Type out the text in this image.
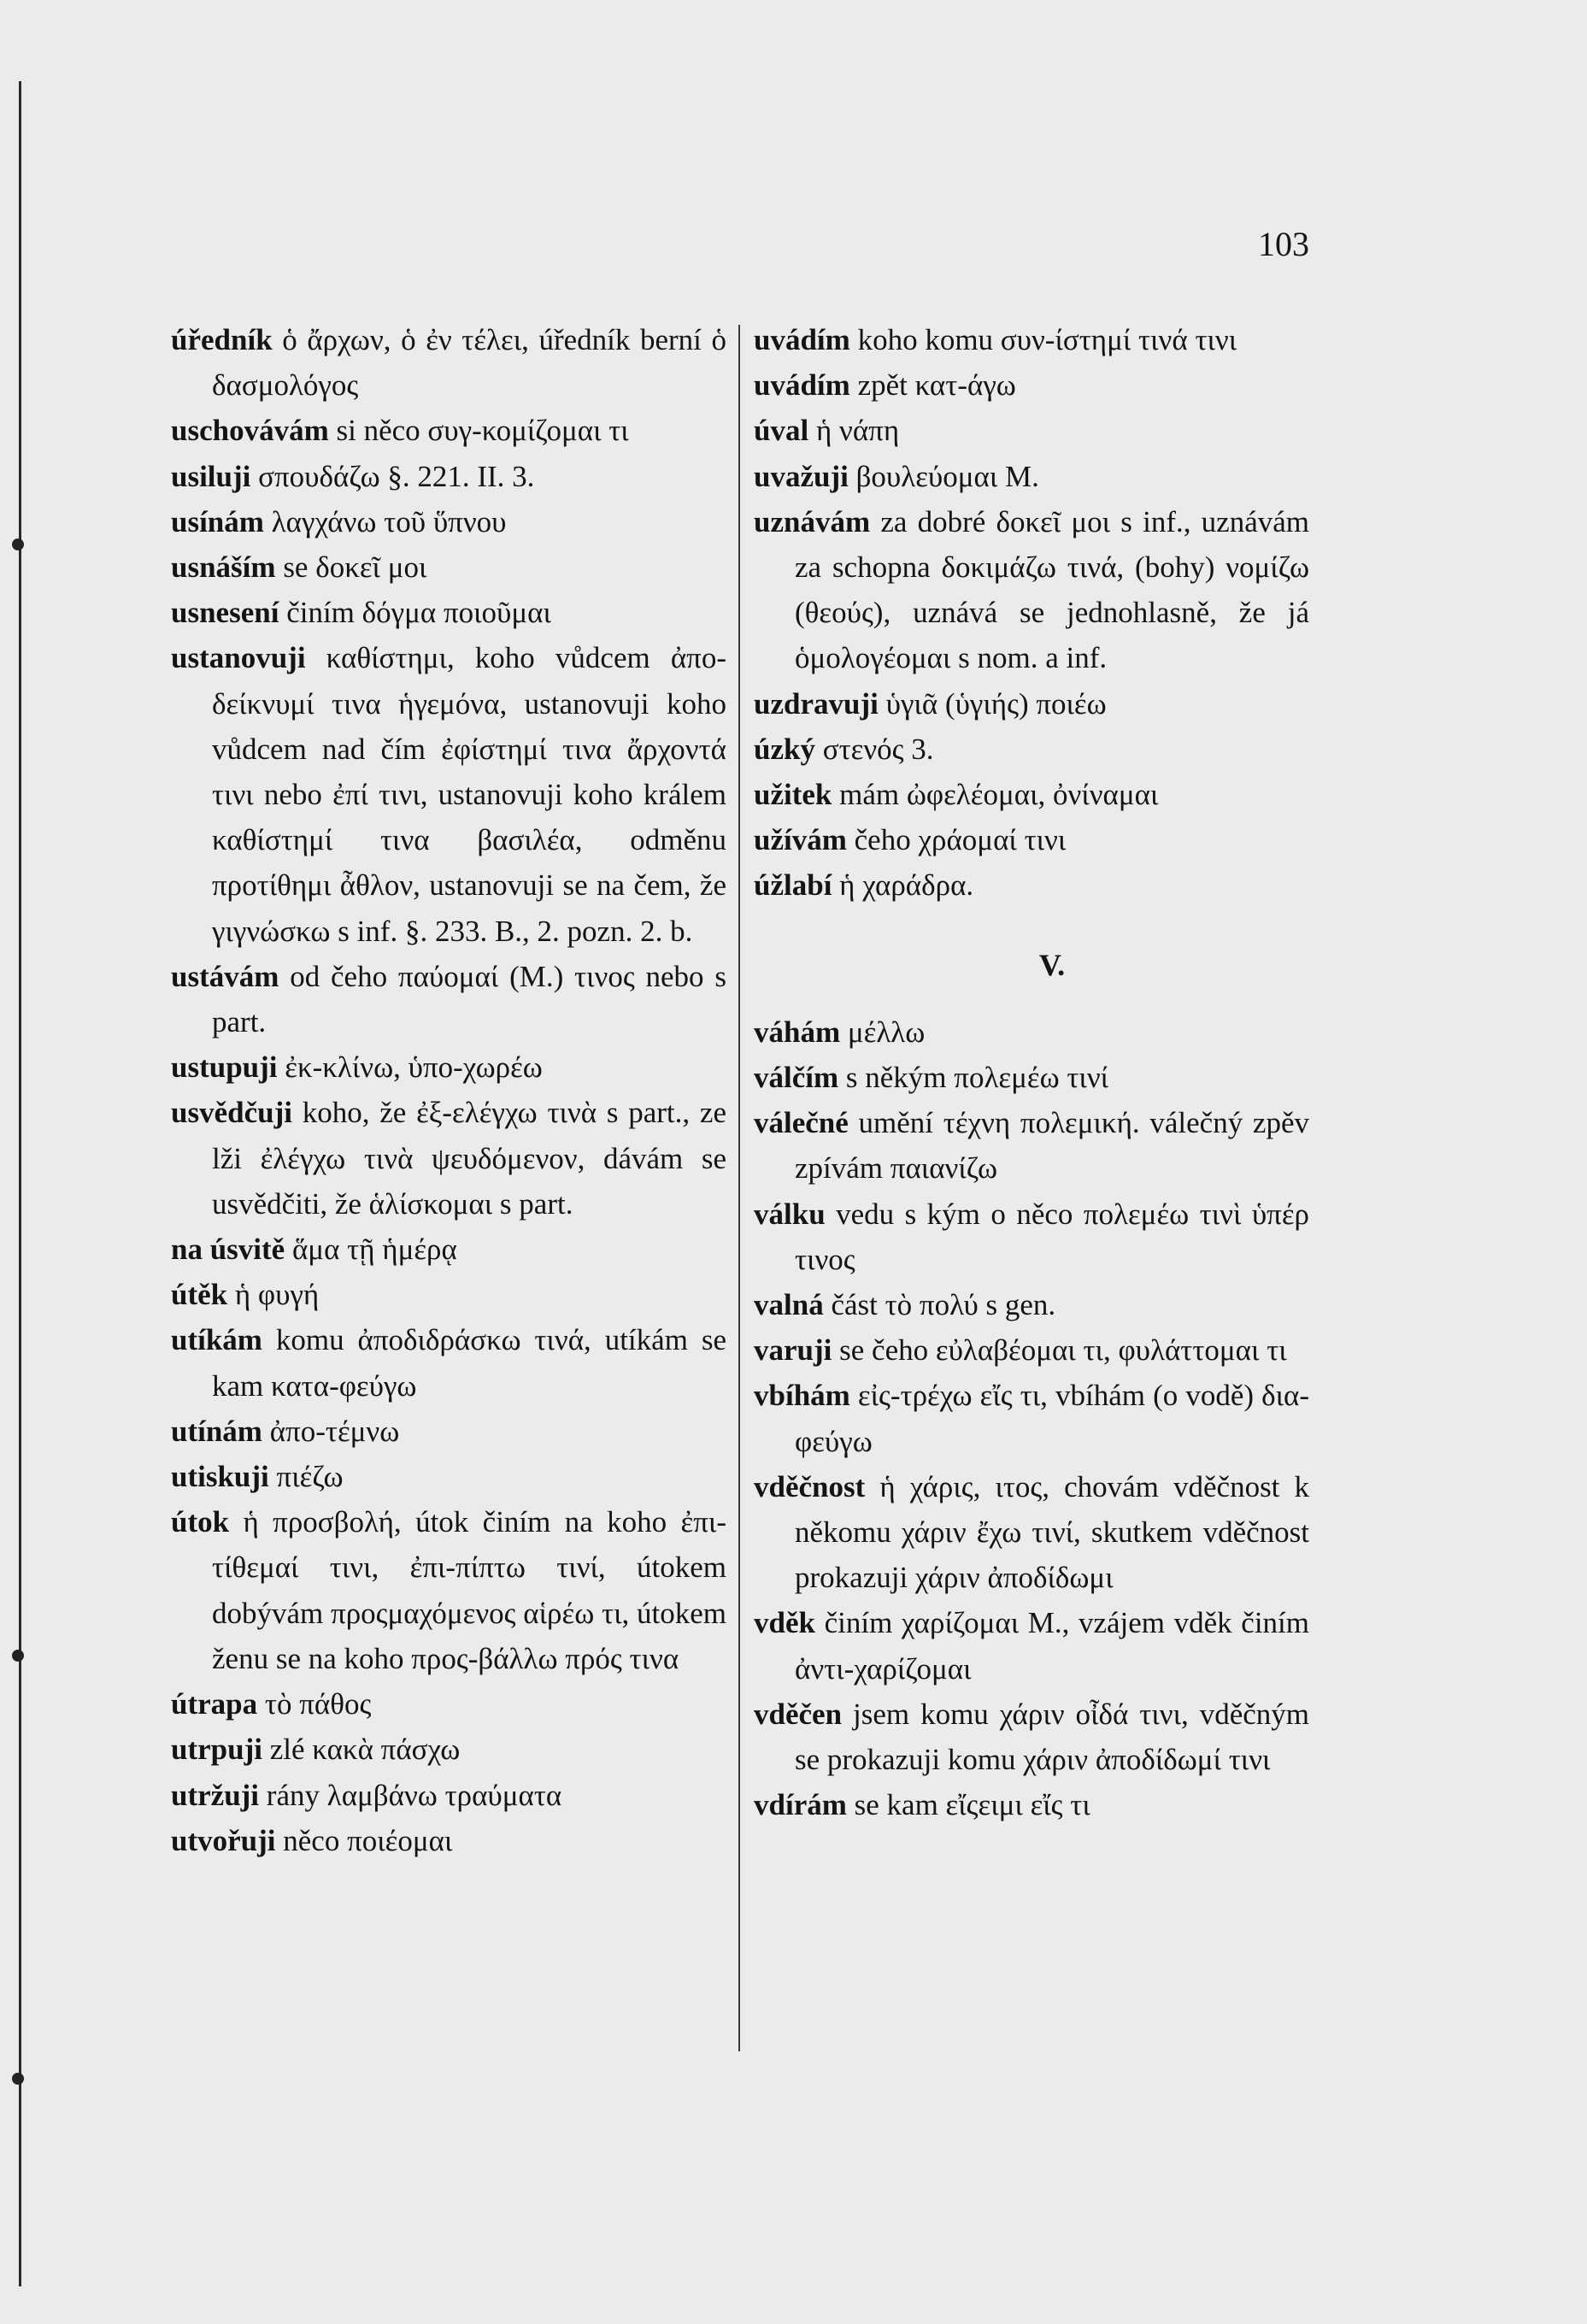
103
úředník ὁ ἄρχων, ὁ ἐν τέλει, úředník berní ὁ δασμολόγος
uschovávám si něco συγ-κομίζομαι τι
usiluji σπουδάζω §. 221. II. 3.
usínám λαγχάνω τοῦ ὕπνου
usnáším se δοκεῖ μοι
usnesení činím δόγμα ποιοῦμαι
ustanovuji καθίστημι, koho vůdcem ἀπο-δείκνυμί τινα ἡγεμόνα, ustanovuji koho vůdcem nad čím ἐφίστημί τινα ἄρχοντά τινι nebo ἐπί τινι, ustanovuji koho králem καθίστημί τινα βασιλέα, odměnu προτίθημι ἆθλον, ustanovuji se na čem, že γιγνώσκω s inf. §. 233. B., 2. pozn. 2. b.
ustávám od čeho παύομαί (M.) τινος nebo s part.
ustupuji ἐκ-κλίνω, ὑπο-χωρέω
usvědčuji koho, že ἐξ-ελέγχω τινὰ s part., ze lži ἐλέγχω τινὰ ψευδόμενον, dávám se usvědčiti, že ἁλίσκομαι s part.
na úsvitě ἅμα τῇ ἡμέρᾳ
útěk ἡ φυγή
utíkám komu ἀποδιδράσκω τινά, utíkám se kam κατα-φεύγω
utínám ἀπο-τέμνω
utiskuji πιέζω
útok ἡ προσβολή, útok činím na koho ἐπι-τίθεμαί τινι, ἐπι-πίπτω τινί, útokem dobývám προςμαχόμενος αἱρέω τι, útokem ženu se na koho προς-βάλλω πρός τινα
útrapa τὸ πάθος
utrpuji zlé κακὰ πάσχω
utržuji rány λαμβάνω τραύματα
utvořuji něco ποιέομαι
uvádím koho komu συν-ίστημί τινά τινι
uvádím zpět κατ-άγω
úval ἡ νάπη
uvažuji βουλεύομαι M.
uznávám za dobré δοκεῖ μοι s inf., uznávám za schopna δοκιμάζω τινά, (bohy) νομίζω (θεούς), uznává se jednohlasně, že já ὁμολογέομαι s nom. a inf.
uzdravuji ὑγιᾶ (ὑγιής) ποιέω
úzký στενός 3.
užitek mám ὠφελέομαι, ὀνίναμαι
užívám čeho χράομαί τινι
úžlabí ἡ χαράδρα.
V.
váhám μέλλω
válčím s někým πολεμέω τινί
válečné umění τέχνη πολεμική. válečný zpěv zpívám παιανίζω
válku vedu s kým o něco πολεμέω τινὶ ὑπέρ τινος
valná část τὸ πολύ s gen.
varuji se čeho εὐλαβέομαι τι, φυλάττομαι τι
vbíhám εἰς-τρέχω εἴς τι, vbíhám (o vodě) δια-φεύγω
vděčnost ἡ χάρις, ιτος, chovám vděčnost k někomu χάριν ἔχω τινί, skutkem vděčnost prokazuji χάριν ἀποδίδωμι
vděk činím χαρίζομαι M., vzájem vděk činím ἀντι-χαρίζομαι
vděčen jsem komu χάριν οἶδά τινι, vděčným se prokazuji komu χάριν ἀποδίδωμί τινι
vdírám se kam εἴςειμι εἴς τι
